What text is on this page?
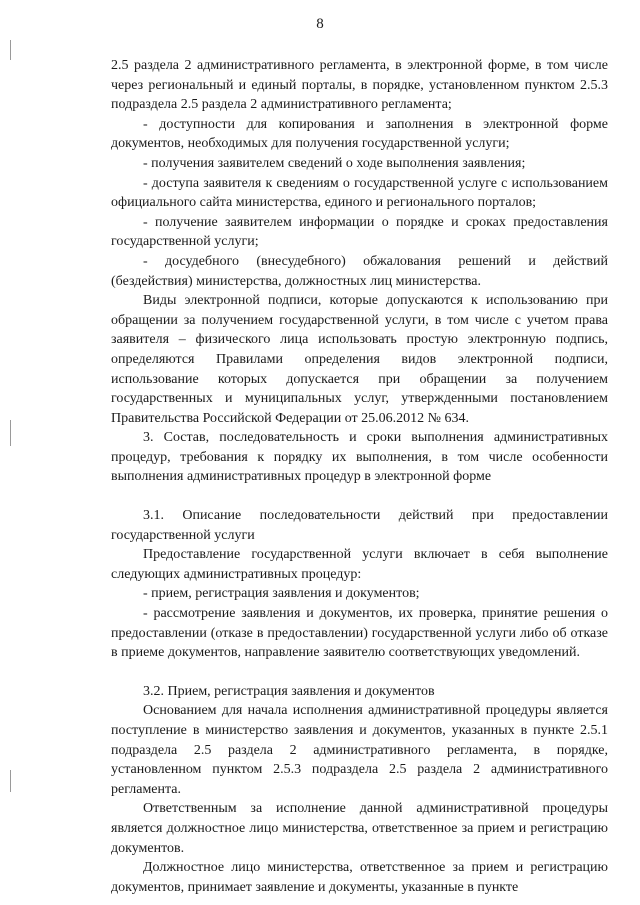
8

2.5 раздела 2 административного регламента, в электронной форме, в том числе через региональный и единый порталы, в порядке, установленном пунктом 2.5.3 подраздела 2.5 раздела 2 административного регламента;

- доступности для копирования и заполнения в электронной форме документов, необходимых для получения государственной услуги;

- получения заявителем сведений о ходе выполнения заявления;

- доступа заявителя к сведениям о государственной услуге с использованием официального сайта министерства, единого и регионального порталов;

- получение заявителем информации о порядке и сроках предоставления государственной услуги;

- досудебного (внесудебного) обжалования решений и действий (бездействия) министерства, должностных лиц министерства.

Виды электронной подписи, которые допускаются к использованию при обращении за получением государственной услуги, в том числе с учетом права заявителя – физического лица использовать простую электронную подпись, определяются Правилами определения видов электронной подписи, использование которых допускается при обращении за получением государственных и муниципальных услуг, утвержденными постановлением Правительства Российской Федерации от 25.06.2012 № 634.

3. Состав, последовательность и сроки выполнения административных процедур, требования к порядку их выполнения, в том числе особенности выполнения административных процедур в электронной форме

3.1. Описание последовательности действий при предоставлении государственной услуги

Предоставление государственной услуги включает в себя выполнение следующих административных процедур:

- прием, регистрация заявления и документов;

- рассмотрение заявления и документов, их проверка, принятие решения о предоставлении (отказе в предоставлении) государственной услуги либо об отказе в приеме документов, направление заявителю соответствующих уведомлений.

3.2. Прием, регистрация заявления и документов

Основанием для начала исполнения административной процедуры является поступление в министерство заявления и документов, указанных в пункте 2.5.1 подраздела 2.5 раздела 2 административного регламента, в порядке, установленном пунктом 2.5.3 подраздела 2.5 раздела 2 административного регламента.

Ответственным за исполнение данной административной процедуры является должностное лицо министерства, ответственное за прием и регистрацию документов.

Должностное лицо министерства, ответственное за прием и регистрацию документов, принимает заявление и документы, указанные в пункте
